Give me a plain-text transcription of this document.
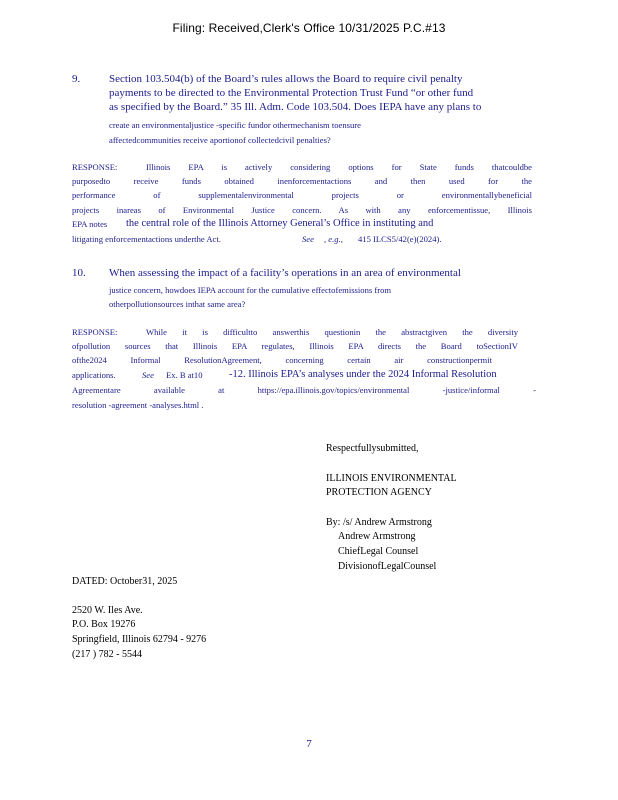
Filing: Received,Clerk's Office 10/31/2025 P.C.#13
9.	Section 103.504(b) of the Board’s rules allows the Board to require civil penalty
payments to be directed to the Environmental Protection Trust Fund “or other fund
as specified by the Board.” 35 Ill. Adm. Code 103.504. Does IEPA have any plans to
create an environmentaljustice -specific fundor othermechanism toensure
affectedcommunities receive aportionof collectedcivil penalties?
RESPONSE:	Illinois EPA is actively considering options for State funds thatcouldbe
purposedto receive funds obtained inenforcementactions and then used for the
performance of supplementalenvironmental projects or environmentallybeneficial
projects inareas of Environmental Justice concern. As with any enforcementissue, Illinois
EPA notes the central role of the Illinois Attorney General’s Office in instituting and
litigating enforcementactions underthe Act.	See , e.g., 415 ILCS5/42(e)(2024).
10. When assessing the impact of a facility’s operations in an area of environmental
justice concern, howdoes IEPA account for the cumulative effectofemissions from
otherpollutionsources inthat same area?
RESPONSE:	While it is difficultto answerthis questionin the abstractgiven the diversity
ofpollution sources that Illinois EPA regulates, Illinois EPA directs the Board toSectionIV
ofthe2024 Informal ResolutionAgreement, concerning certain air constructionpermit
applications.	See Ex. B at10	-12. Illinois EPA’s analyses under the 2024 Informal Resolution
Agreementare available at https://epa.illinois.gov/topics/environmental -justice/informal -
resolution -agreement -analyses.html .
Respectfullysubmitted,
ILLINOIS ENVIRONMENTAL
PROTECTION AGENCY
By: /s/ Andrew Armstrong
Andrew Armstrong
ChiefLegal Counsel
DivisionofLegalCounsel
DATED: October31, 2025
2520 W. Iles Ave.
P.O. Box 19276
Springfield, Illinois 62794 - 9276
(217 ) 782 - 5544
7
